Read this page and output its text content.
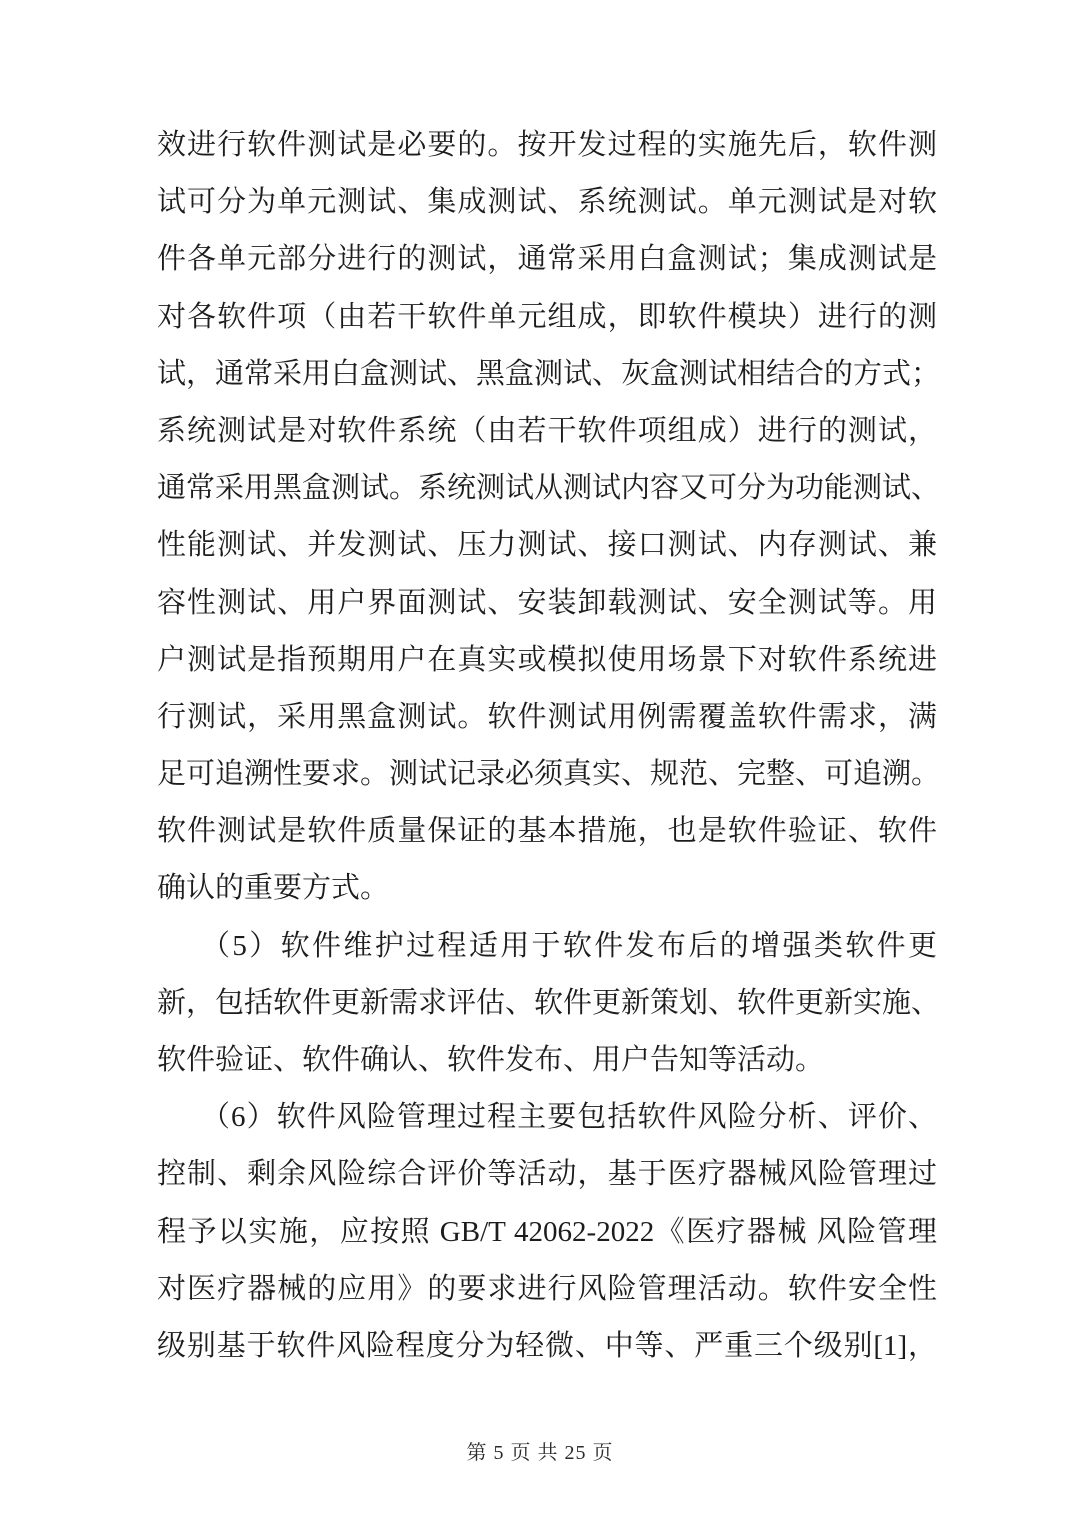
效进行软件测试是必要的。按开发过程的实施先后，软件测
试可分为单元测试、集成测试、系统测试。单元测试是对软
件各单元部分进行的测试，通常采用白盒测试；集成测试是
对各软件项（由若干软件单元组成，即软件模块）进行的测
试，通常采用白盒测试、黑盒测试、灰盒测试相结合的方式；
系统测试是对软件系统（由若干软件项组成）进行的测试，
通常采用黑盒测试。系统测试从测试内容又可分为功能测试、
性能测试、并发测试、压力测试、接口测试、内存测试、兼
容性测试、用户界面测试、安装卸载测试、安全测试等。用
户测试是指预期用户在真实或模拟使用场景下对软件系统进
行测试，采用黑盒测试。软件测试用例需覆盖软件需求，满
足可追溯性要求。测试记录必须真实、规范、完整、可追溯。
软件测试是软件质量保证的基本措施，也是软件验证、软件
确认的重要方式。
（5）软件维护过程适用于软件发布后的增强类软件更
新，包括软件更新需求评估、软件更新策划、软件更新实施、
软件验证、软件确认、软件发布、用户告知等活动。
（6）软件风险管理过程主要包括软件风险分析、评价、
控制、剩余风险综合评价等活动，基于医疗器械风险管理过
程予以实施，应按照 GB/T 42062-2022《医疗器械 风险管理
对医疗器械的应用》的要求进行风险管理活动。软件安全性
级别基于软件风险程度分为轻微、中等、严重三个级别[1]，
第 5 页 共 25 页
